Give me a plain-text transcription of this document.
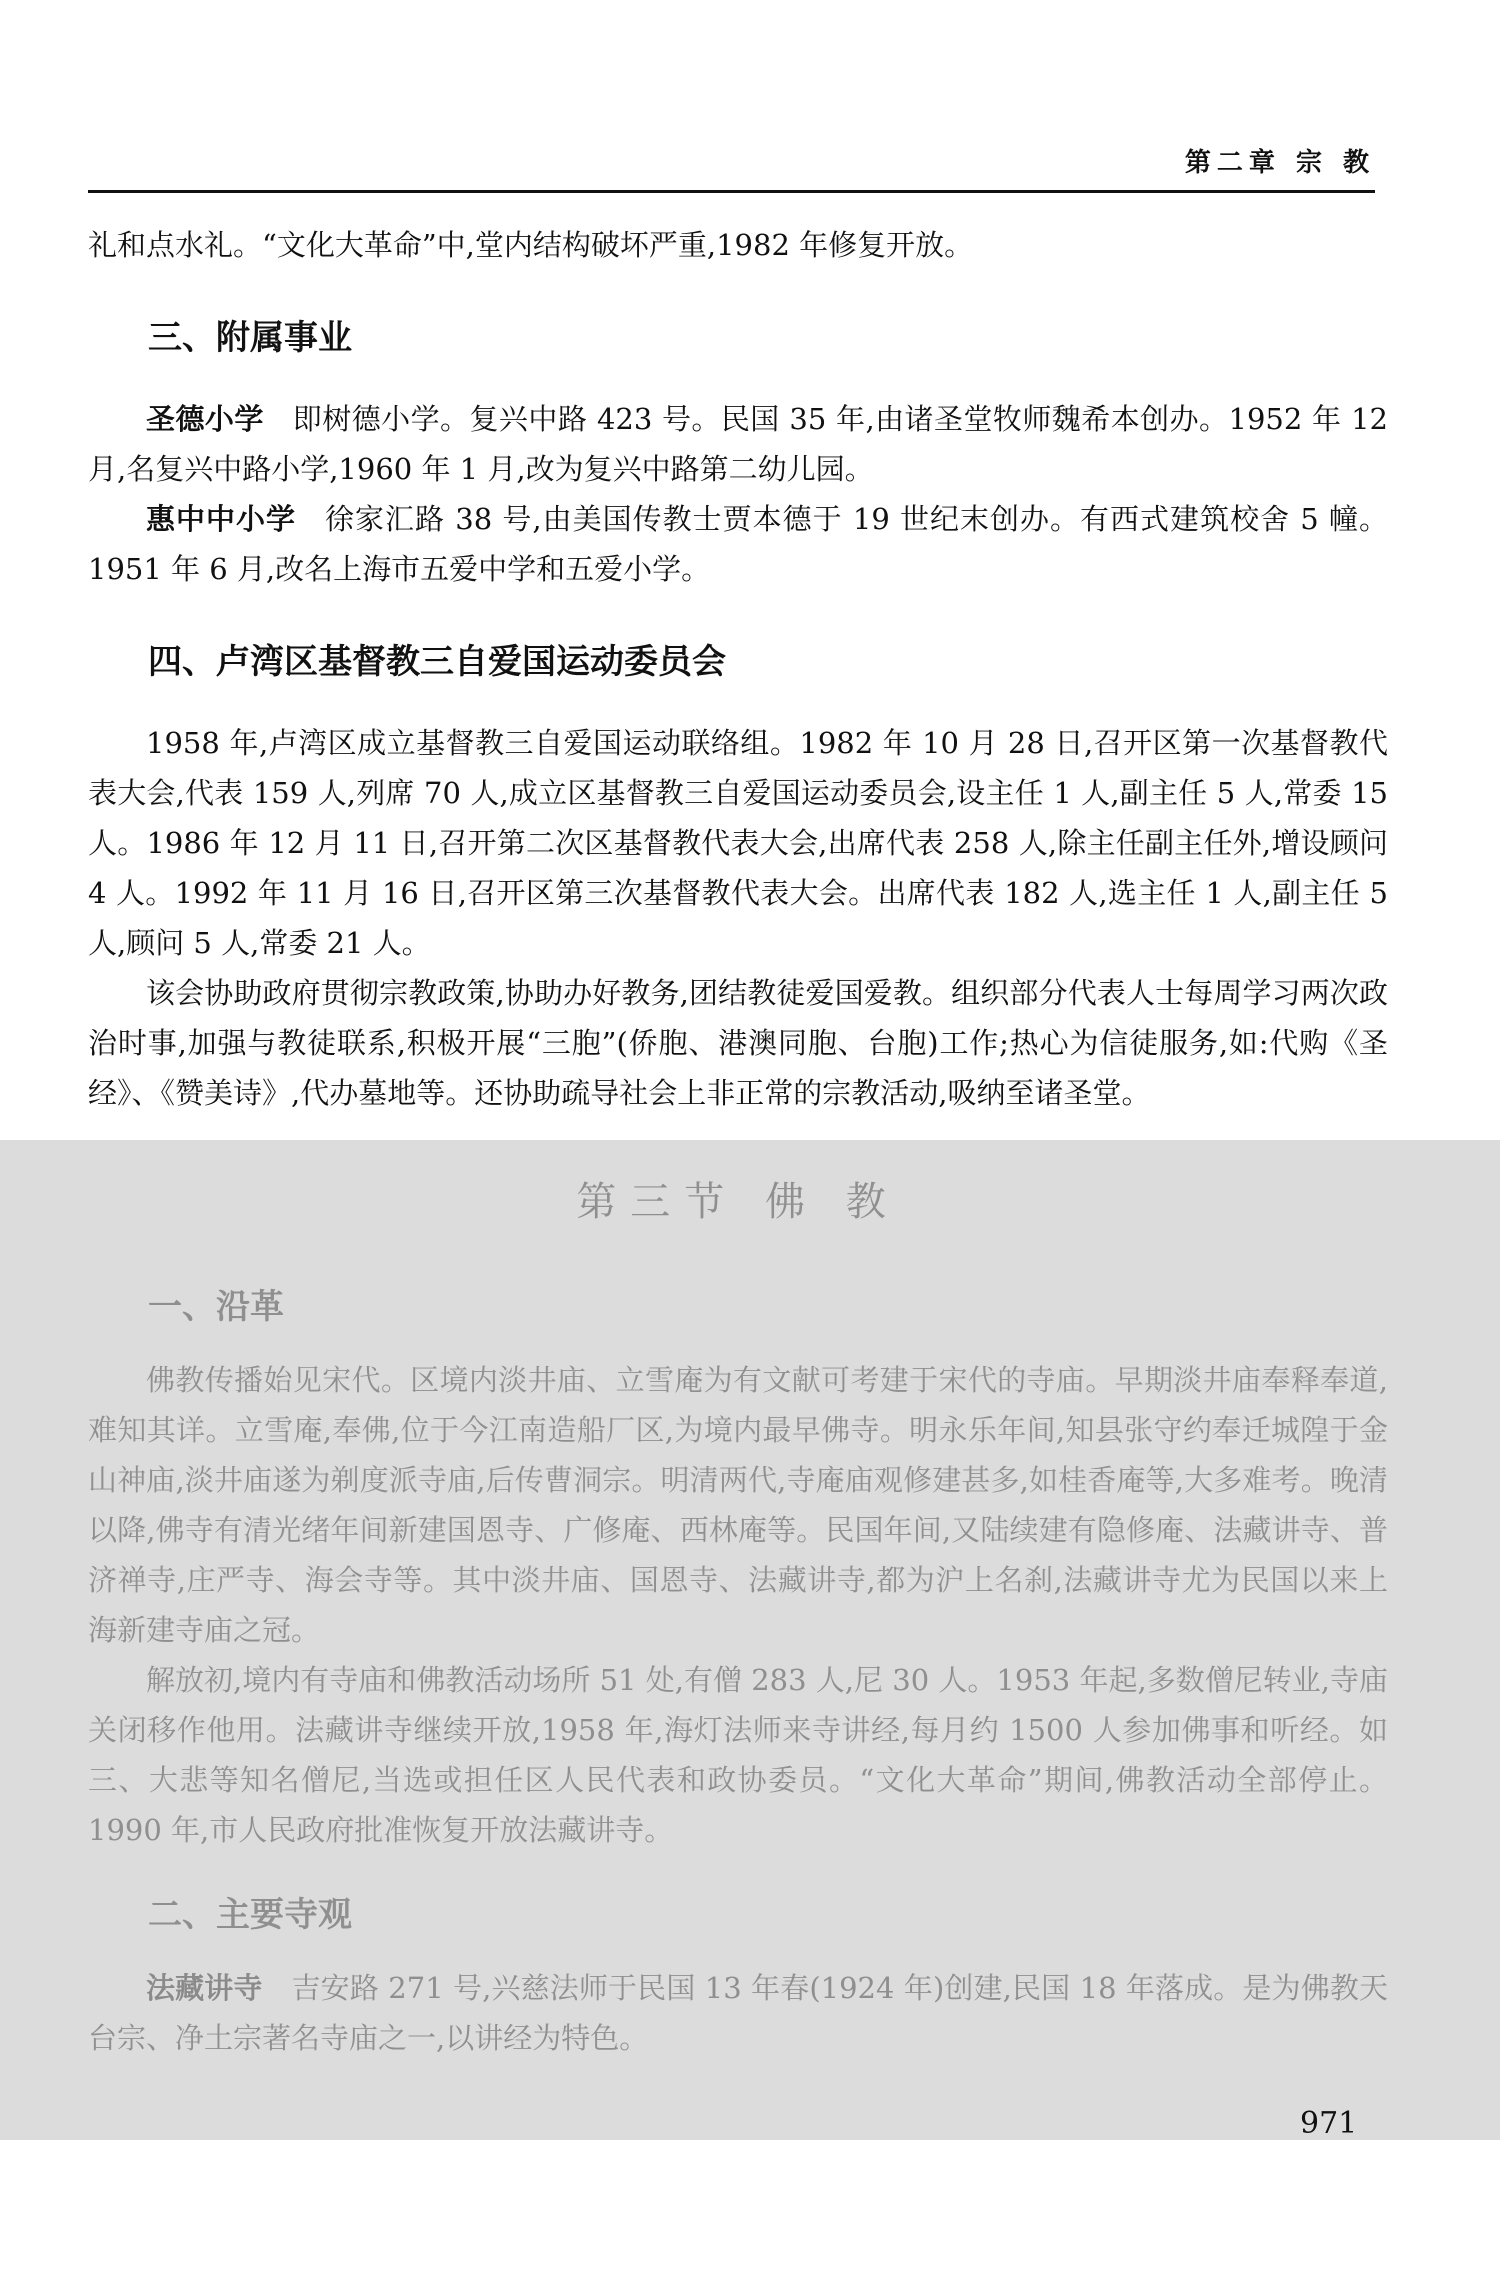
第二章 宗 教

礼和点水礼。“文化大革命”中,堂内结构破坏严重,1982 年修复开放。

三、附属事业

圣德小学 即树德小学。复兴中路 423 号。民国 35 年,由诸圣堂牧师魏希本创办。1952 年 12 月,名复兴中路小学,1960 年 1 月,改为复兴中路第二幼儿园。

惠中中小学 徐家汇路 38 号,由美国传教士贾本德于 19 世纪末创办。有西式建筑校舍 5 幢。1951 年 6 月,改名上海市五爱中学和五爱小学。

四、卢湾区基督教三自爱国运动委员会

1958 年,卢湾区成立基督教三自爱国运动联络组。1982 年 10 月 28 日,召开区第一次基督教代表大会,代表 159 人,列席 70 人,成立区基督教三自爱国运动委员会,设主任 1 人,副主任 5 人,常委 15 人。1986 年 12 月 11 日,召开第二次区基督教代表大会,出席代表 258 人,除主任副主任外,增设顾问 4 人。1992 年 11 月 16 日,召开区第三次基督教代表大会。出席代表 182 人,选主任 1 人,副主任 5 人,顾问 5 人,常委 21 人。

该会协助政府贯彻宗教政策,协助办好教务,团结教徒爱国爱教。组织部分代表人士每周学习两次政治时事,加强与教徒联系,积极开展“三胞”(侨胞、港澳同胞、台胞)工作;热心为信徒服务,如:代购《圣经》、《赞美诗》,代办墓地等。还协助疏导社会上非正常的宗教活动,吸纳至诸圣堂。

第三节 佛 教
一、沿革

佛教传播始见宋代。区境内淡井庙、立雪庵为有文献可考建于宋代的寺庙。早期淡井庙奉释奉道,难知其详。立雪庵,奉佛,位于今江南造船厂区,为境内最早佛寺。明永乐年间,知县张守约奉迁城隍于金山神庙,淡井庙遂为剃度派寺庙,后传曹洞宗。明清两代,寺庵庙观修建甚多,如桂香庵等,大多难考。晚清以降,佛寺有清光绪年间新建国恩寺、广修庵、西林庵等。民国年间,又陆续建有隐修庵、法藏讲寺、普济禅寺,庄严寺、海会寺等。其中淡井庙、国恩寺、法藏讲寺,都为沪上名刹,法藏讲寺尤为民国以来上海新建寺庙之冠。

解放初,境内有寺庙和佛教活动场所 51 处,有僧 283 人,尼 30 人。1953 年起,多数僧尼转业,寺庙关闭移作他用。法藏讲寺继续开放,1958 年,海灯法师来寺讲经,每月约 1500 人参加佛事和听经。如三、大悲等知名僧尼,当选或担任区人民代表和政协委员。“文化大革命”期间,佛教活动全部停止。1990 年,市人民政府批准恢复开放法藏讲寺。

二、主要寺观

法藏讲寺 吉安路 271 号,兴慈法师于民国 13 年春(1924 年)创建,民国 18 年落成。是为佛教天台宗、净土宗著名寺庙之一,以讲经为特色。

971
